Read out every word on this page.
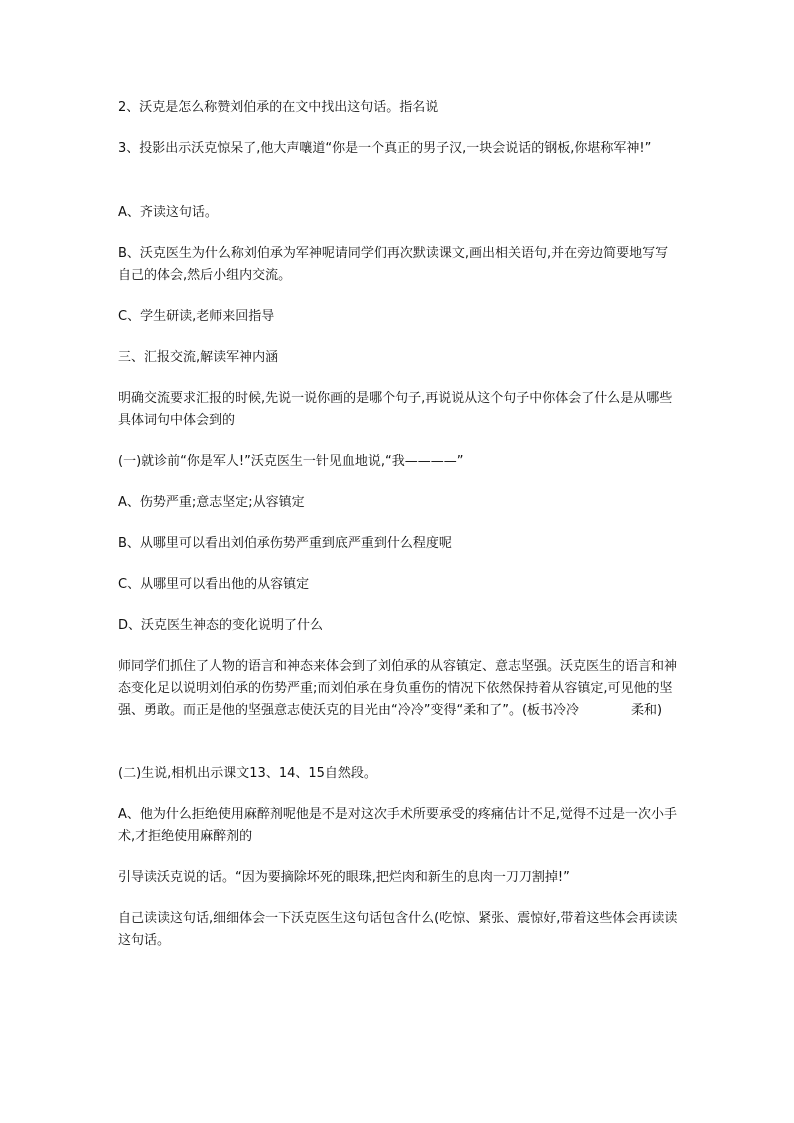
2、沃克是怎么称赞刘伯承的在文中找出这句话。指名说

3、投影出示沃克惊呆了,他大声嚷道“你是一个真正的男子汉,一块会说话的钢板,你堪称军神!”

A、齐读这句话。

B、沃克医生为什么称刘伯承为军神呢请同学们再次默读课文,画出相关语句,并在旁边简要地写写自己的体会,然后小组内交流。

C、学生研读,老师来回指导

三、汇报交流,解读军神内涵

明确交流要求汇报的时候,先说一说你画的是哪个句子,再说说从这个句子中你体会了什么是从哪些具体词句中体会到的

(一)就诊前“你是军人!”沃克医生一针见血地说,“我————”

A、伤势严重;意志坚定;从容镇定

B、从哪里可以看出刘伯承伤势严重到底严重到什么程度呢

C、从哪里可以看出他的从容镇定

D、沃克医生神态的变化说明了什么

师同学们抓住了人物的语言和神态来体会到了刘伯承的从容镇定、意志坚强。沃克医生的语言和神态变化足以说明刘伯承的伤势严重;而刘伯承在身负重伤的情况下依然保持着从容镇定,可见他的坚强、勇敢。而正是他的坚强意志使沃克的目光由“冷冷”变得“柔和了”。(板书冷冷　　　　柔和)

(二)生说,相机出示课文13、14、15自然段。

A、他为什么拒绝使用麻醉剂呢他是不是对这次手术所要承受的疼痛估计不足,觉得不过是一次小手术,才拒绝使用麻醉剂的

引导读沃克说的话。“因为要摘除坏死的眼珠,把烂肉和新生的息肉一刀刀割掉!”

自己读读这句话,细细体会一下沃克医生这句话包含什么(吃惊、紧张、震惊好,带着这些体会再读读这句话。
